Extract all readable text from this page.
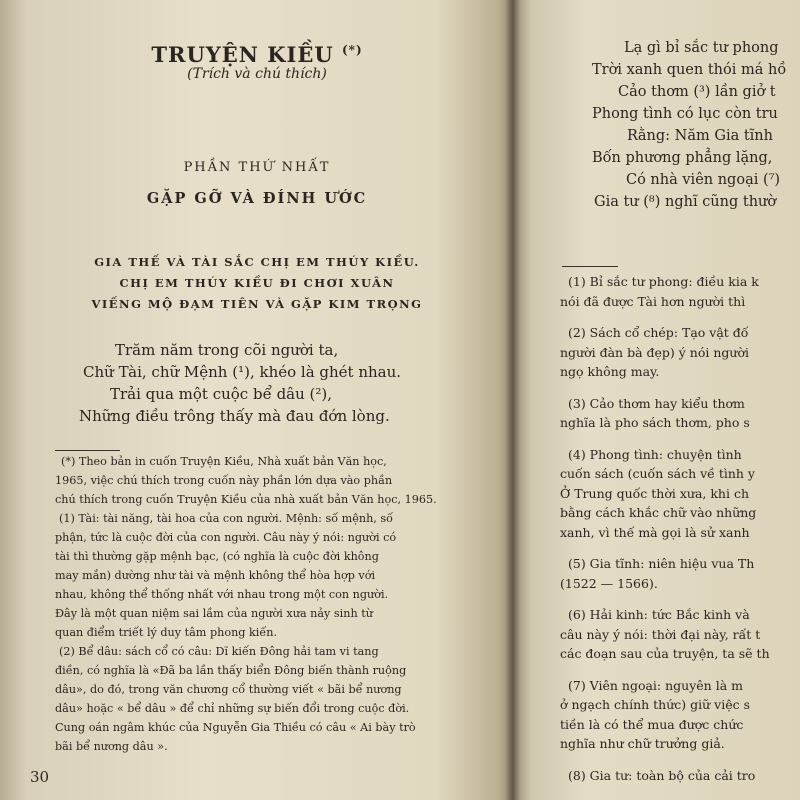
TRUYỆN KIỀU (*)
(Trích và chú thích)
PHẦN THỨ NHẤT
GẶP GỠ VÀ ĐÍNH ƯỚC
GIA THẾ VÀ TÀI SẮC CHỊ EM THÚY KIỀU.
CHỊ EM THÚY KIỀU ĐI CHƠI XUÂN
VIẾNG MỘ ĐẠM TIÊN VÀ GẶP KIM TRỌNG
Trăm năm trong cõi người ta,
Chữ Tài, chữ Mệnh (¹), khéo là ghét nhau.
Trải qua một cuộc bể dâu (²),
Những điều trông thấy mà đau đớn lòng.

(*) Theo bản in cuốn Truyện Kiều, Nhà xuất bản Văn học,

1965, việc chú thích trong cuốn này phần lớn dựa vào phần

chú thích trong cuốn Truyện Kiều của nhà xuất bản Văn học, 1965.

(1) Tài: tài năng, tài hoa của con người. Mệnh: số mệnh, số

phận, tức là cuộc đời của con người. Câu này ý nói: người có

tài thì thường gặp mệnh bạc, (có nghĩa là cuộc đời không

may mắn) dường như tài và mệnh không thể hòa hợp với

nhau, không thể thống nhất với nhau trong một con người.

Đây là một quan niệm sai lầm của người xưa nảy sinh từ

quan điểm triết lý duy tâm phong kiến.

(2) Bể dâu: sách cổ có câu: Dĩ kiến Đông hải tam vi tang

điền, có nghĩa là «Đã ba lần thấy biển Đông biến thành ruộng

dâu», do đó, trong văn chương cổ thường viết « bãi bể nương

dâu» hoặc « bể dâu » để chỉ những sự biến đổi trong cuộc đời.

Cung oán ngâm khúc của Nguyễn Gia Thiều có câu « Ai bày trò

bãi bể nương dâu ».

30
Lạ gì bỉ sắc tư phong
Trời xanh quen thói má hồ
Cảo thơm (³) lần giở t
Phong tình có lục còn tru
Rằng: Năm Gia tĩnh
Bốn phương phẳng lặng,
Có nhà viên ngoại (⁷)
Gia tư (⁸) nghĩ cũng thườ

(1) Bỉ sắc tư phong: điều kia k

nói đã được Tài hơn người thì

(2) Sách cổ chép: Tạo vật đố

người đàn bà đẹp) ý nói người

ngọ không may.

(3) Cảo thơm hay kiểu thơm

nghĩa là pho sách thơm, pho s

(4) Phong tình: chuyện tình

cuốn sách (cuốn sách về tình y

Ở Trung quốc thời xưa, khi ch

bằng cách khắc chữ vào những

xanh, vì thế mà gọi là sử xanh

(5) Gia tĩnh: niên hiệu vua Th

(1522 — 1566).

(6) Hải kinh: tức Bắc kinh và

câu này ý nói: thời đại này, rất t

các đoạn sau của truyện, ta sẽ th

(7) Viên ngoại: nguyên là m

ở ngạch chính thức) giữ việc s

tiền là có thể mua được chức

nghĩa như chữ trưởng giả.

(8) Gia tư: toàn bộ của cải tro
